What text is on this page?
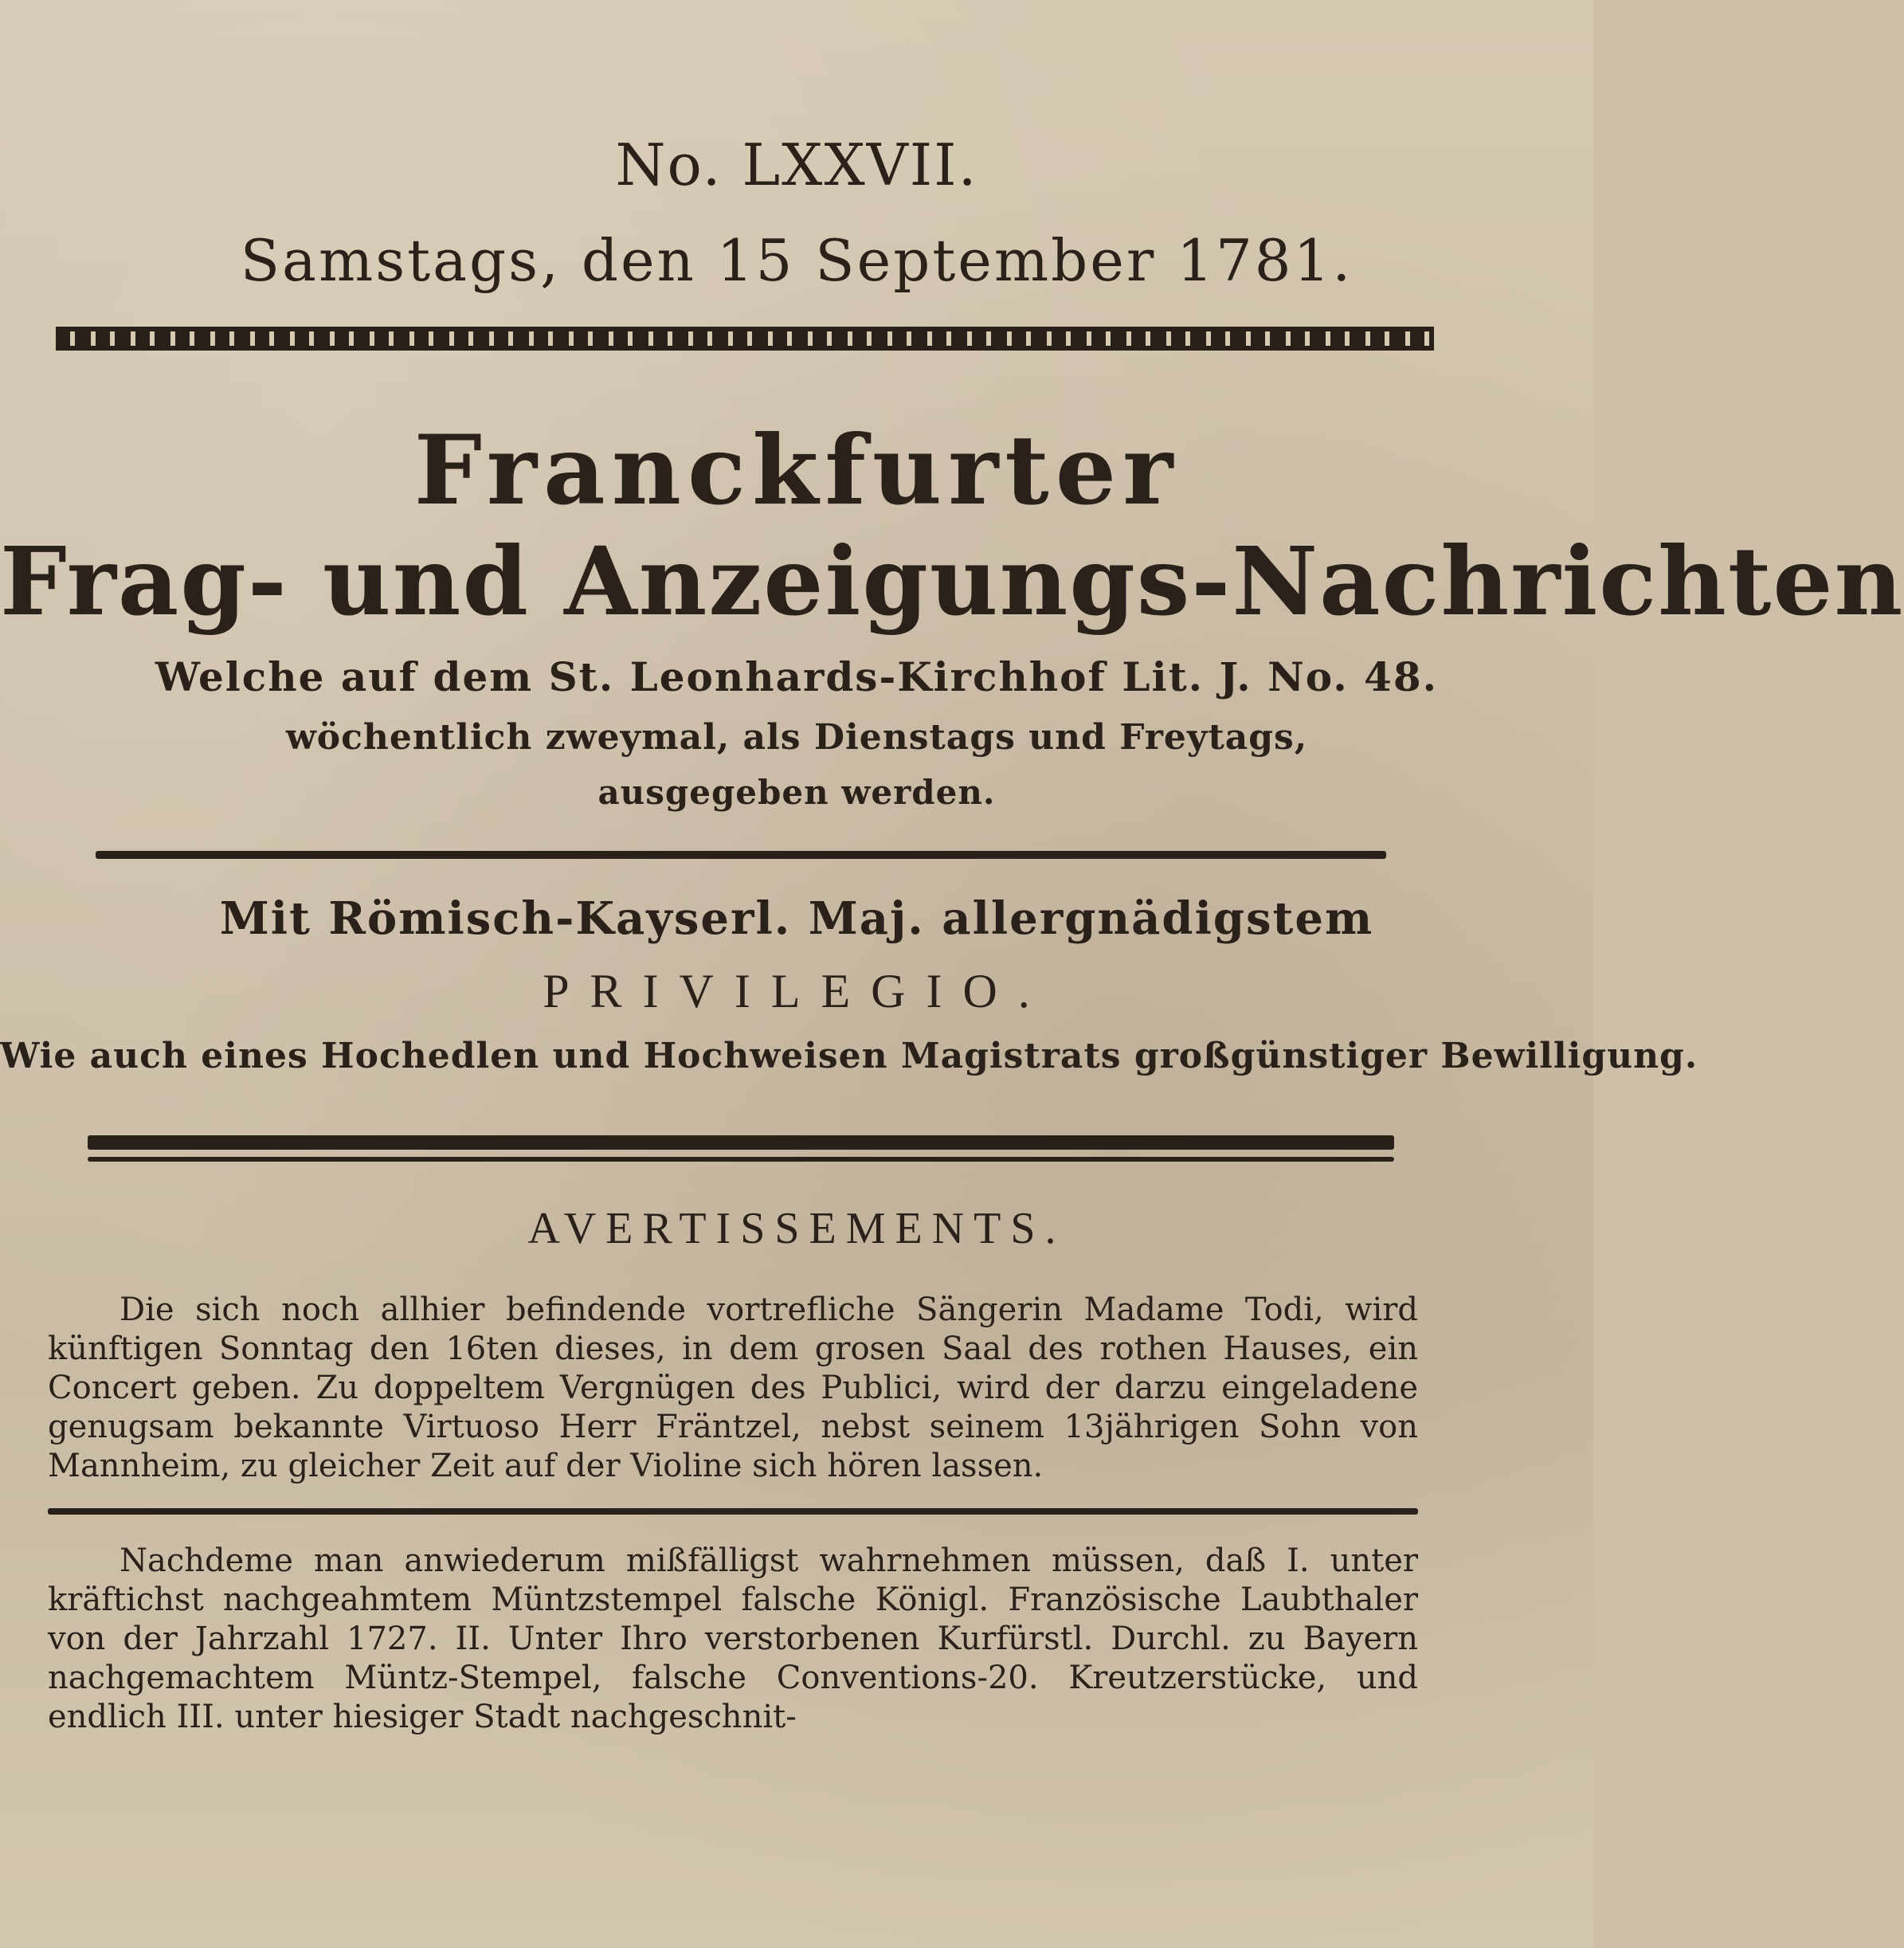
No. LXXVII.
Samstags, den 15 September 1781.
Franckfurter
Frag- und Anzeigungs-Nachrichten
Welche auf dem St. Leonhards-Kirchhof Lit. J. No. 48.
wöchentlich zweymal, als Dienstags und Freytags,
ausgegeben werden.
Mit Römisch-Kayserl. Maj. allergnädigstem
PRIVILEGIO.
Wie auch eines Hochedlen und Hochweisen Magistrats großgünstiger Bewilligung.
AVERTISSEMENTS.
Die sich noch allhier befindende vortrefliche Sängerin Madame Todi, wird künftigen Sonntag den 16ten dieses, in dem grosen Saal des rothen Hauses, ein Concert geben. Zu doppeltem Vergnügen des Publici, wird der darzu eingeladene genugsam bekannte Virtuoso Herr Fräntzel, nebst seinem 13jährigen Sohn von Mannheim, zu gleicher Zeit auf der Violine sich hören lassen.
Nachdeme man anwiederum mißfälligst wahrnehmen müssen, daß I. unter kräftichst nachgeahmtem Müntzstempel falsche Königl. Französische Laubthaler von der Jahrzahl 1727. II. Unter Ihro verstorbenen Kurfürstl. Durchl. zu Bayern nachgemachtem Müntz-Stempel, falsche Conventions-20. Kreutzerstücke, und endlich III. unter hiesiger Stadt nachgeschnit-
